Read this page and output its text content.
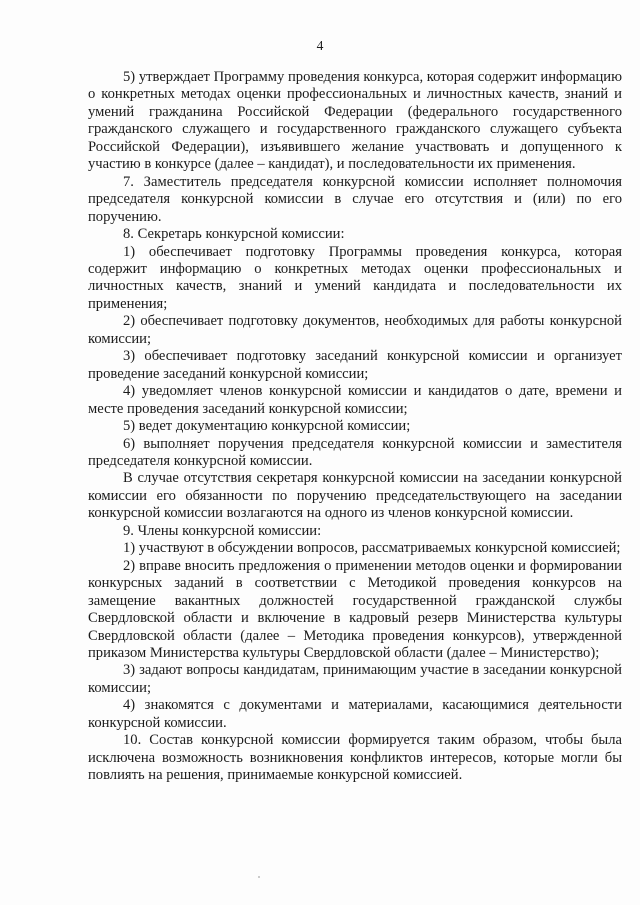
4

5) утверждает Программу проведения конкурса, которая содержит информацию о конкретных методах оценки профессиональных и личностных качеств, знаний и умений гражданина Российской Федерации (федерального государственного гражданского служащего и государственного гражданского служащего субъекта Российской Федерации), изъявившего желание участвовать и допущенного к участию в конкурсе (далее – кандидат), и последовательности их применения.

7. Заместитель председателя конкурсной комиссии исполняет полномочия председателя конкурсной комиссии в случае его отсутствия и (или) по его поручению.

8. Секретарь конкурсной комиссии:

1) обеспечивает подготовку Программы проведения конкурса, которая содержит информацию о конкретных методах оценки профессиональных и личностных качеств, знаний и умений кандидата и последовательности их применения;

2) обеспечивает подготовку документов, необходимых для работы конкурсной комиссии;

3) обеспечивает подготовку заседаний конкурсной комиссии и организует проведение заседаний конкурсной комиссии;

4) уведомляет членов конкурсной комиссии и кандидатов о дате, времени и месте проведения заседаний конкурсной комиссии;

5) ведет документацию конкурсной комиссии;

6) выполняет поручения председателя конкурсной комиссии и заместителя председателя конкурсной комиссии.

В случае отсутствия секретаря конкурсной комиссии на заседании конкурсной комиссии его обязанности по поручению председательствующего на заседании конкурсной комиссии возлагаются на одного из членов конкурсной комиссии.

9. Члены конкурсной комиссии:

1) участвуют в обсуждении вопросов, рассматриваемых конкурсной комиссией;

2) вправе вносить предложения о применении методов оценки и формировании конкурсных заданий в соответствии с Методикой проведения конкурсов на замещение вакантных должностей государственной гражданской службы Свердловской области и включение в кадровый резерв Министерства культуры Свердловской области (далее – Методика проведения конкурсов), утвержденной приказом Министерства культуры Свердловской области (далее – Министерство);

3) задают вопросы кандидатам, принимающим участие в заседании конкурсной комиссии;

4) знакомятся с документами и материалами, касающимися деятельности конкурсной комиссии.

10. Состав конкурсной комиссии формируется таким образом, чтобы была исключена возможность возникновения конфликтов интересов, которые могли бы повлиять на решения, принимаемые конкурсной комиссией.
